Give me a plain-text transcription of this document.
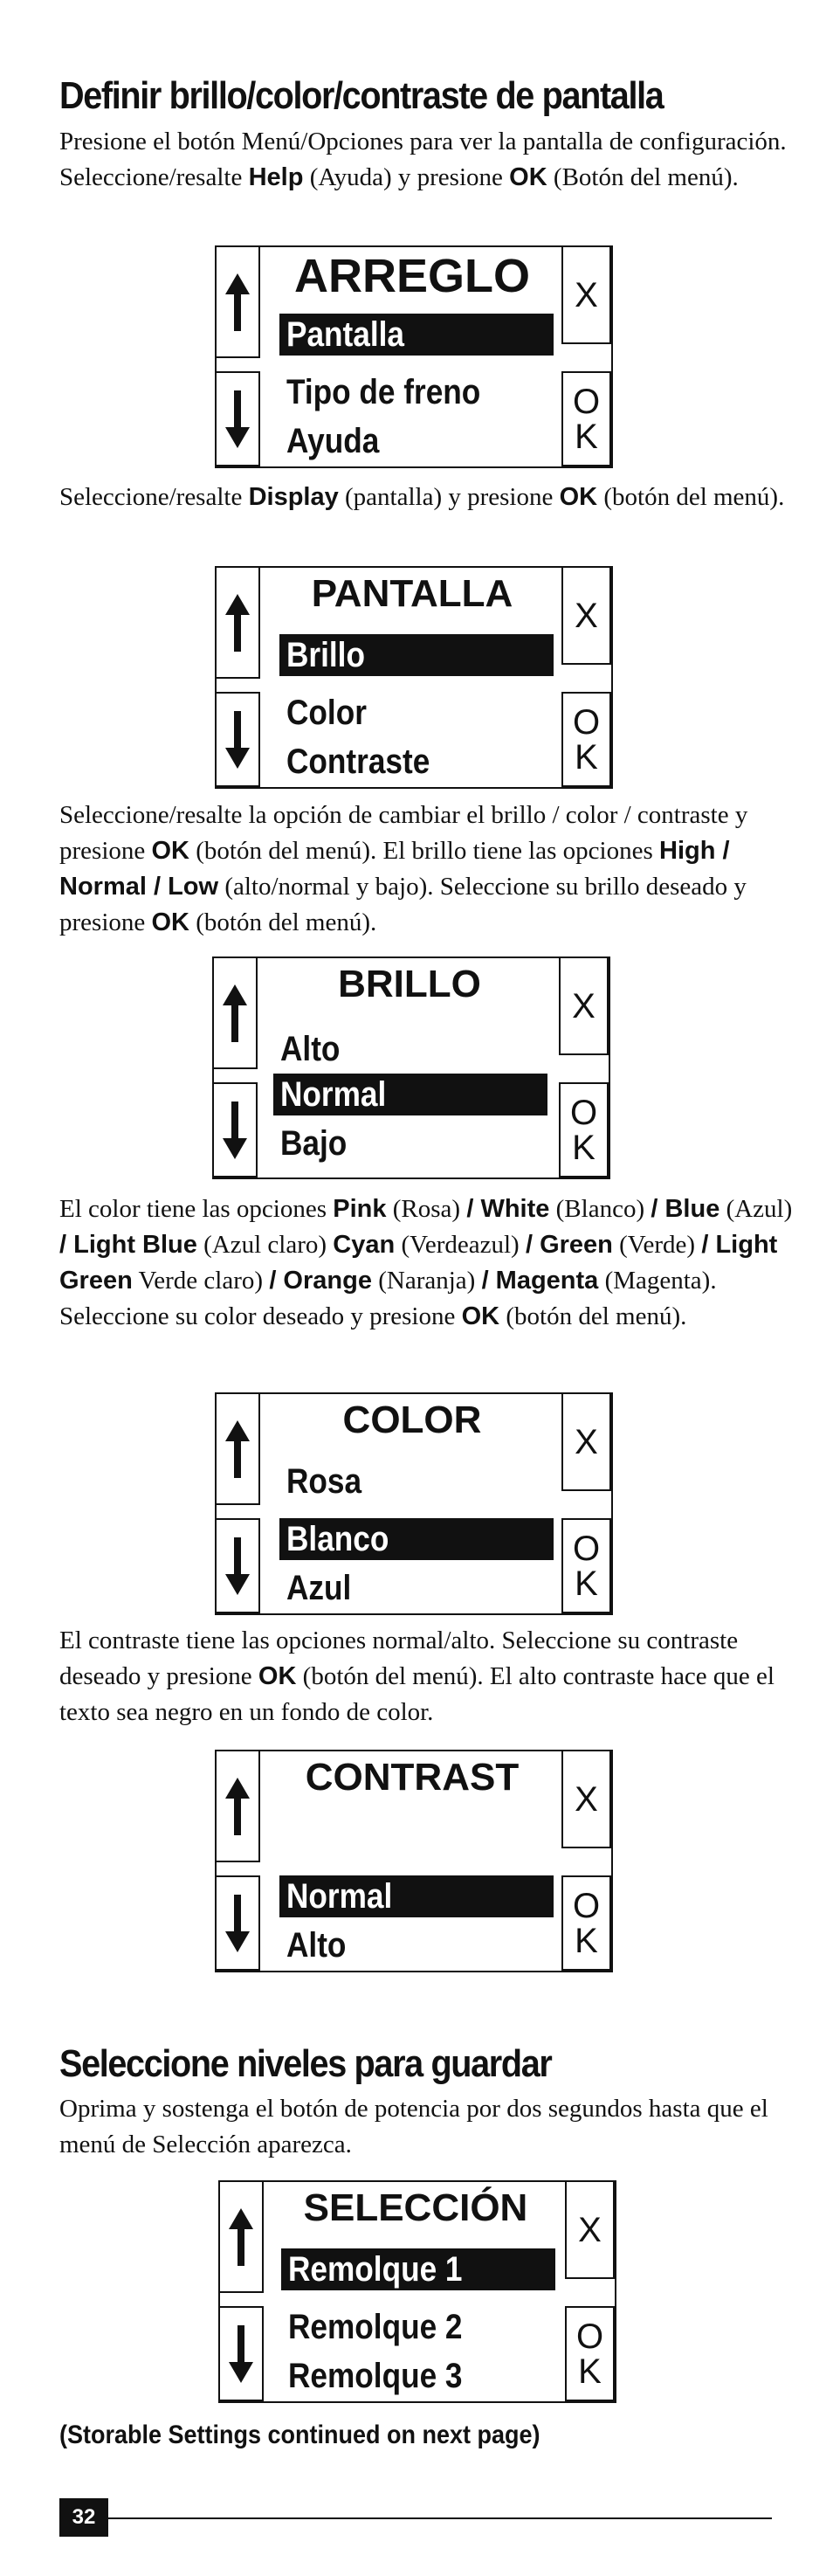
Definir brillo/color/contraste de pantalla

Presione el botón Menú/Opciones para ver la pantalla de configuración. Seleccione/resalte Help (Ayuda) y presione OK (Botón del menú).

X
O
K
ARREGLO
Pantalla
Tipo de freno
Ayuda

Seleccione/resalte Display (pantalla) y presione OK (botón del menú).

X
O
K
PANTALLA
Brillo
Color
Contraste

Seleccione/resalte la opción de cambiar el brillo / color / contraste y presione OK (botón del menú). El brillo tiene las opciones High / Normal / Low (alto/normal y bajo). Seleccione su brillo deseado y presione OK (botón del menú).

X
O
K
BRILLO
Alto
Normal
Bajo

El color tiene las opciones Pink (Rosa) / White (Blanco) / Blue (Azul) / Light Blue (Azul claro) Cyan (Verdeazul) / Green (Verde) / Light Green Verde claro) / Orange (Naranja) / Magenta (Magenta). Seleccione su color deseado y presione OK (botón del menú).

X
O
K
COLOR
Rosa
Blanco
Azul

El contraste tiene las opciones normal/alto. Seleccione su contraste deseado y presione OK (botón del menú). El alto contraste hace que el texto sea negro en un fondo de color.

X
O
K
CONTRAST
Normal
Alto
Seleccione niveles para guardar

Oprima y sostenga el botón de potencia por dos segundos hasta que el menú de Selección aparezca.

X
O
K
SELECCIÓN
Remolque 1
Remolque 2
Remolque 3

(Storable Settings continued on next page)

32
